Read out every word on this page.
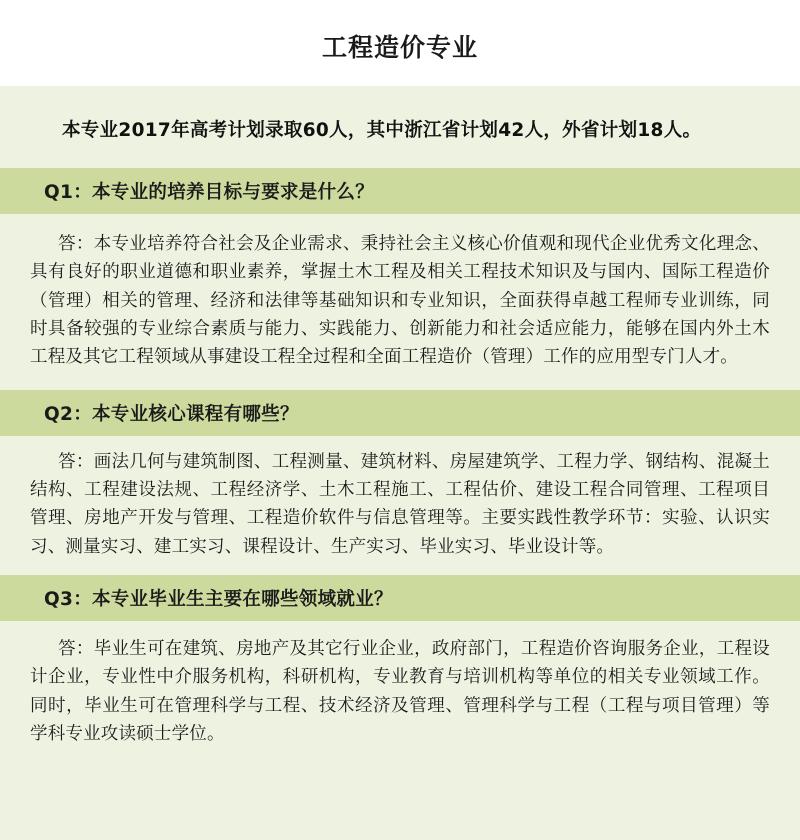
工程造价专业
本专业2017年高考计划录取60人，其中浙江省计划42人，外省计划18人。
Q1：本专业的培养目标与要求是什么？
答：本专业培养符合社会及企业需求、秉持社会主义核心价值观和现代企业优秀文化理念、具有良好的职业道德和职业素养，掌握土木工程及相关工程技术知识及与国内、国际工程造价（管理）相关的管理、经济和法律等基础知识和专业知识，全面获得卓越工程师专业训练，同时具备较强的专业综合素质与能力、实践能力、创新能力和社会适应能力，能够在国内外土木工程及其它工程领域从事建设工程全过程和全面工程造价（管理）工作的应用型专门人才。
Q2：本专业核心课程有哪些？
答：画法几何与建筑制图、工程测量、建筑材料、房屋建筑学、工程力学、钢结构、混凝土结构、工程建设法规、工程经济学、土木工程施工、工程估价、建设工程合同管理、工程项目管理、房地产开发与管理、工程造价软件与信息管理等。主要实践性教学环节：实验、认识实习、测量实习、建工实习、课程设计、生产实习、毕业实习、毕业设计等。
Q3：本专业毕业生主要在哪些领域就业？
答：毕业生可在建筑、房地产及其它行业企业，政府部门，工程造价咨询服务企业，工程设计企业，专业性中介服务机构，科研机构，专业教育与培训机构等单位的相关专业领域工作。同时，毕业生可在管理科学与工程、技术经济及管理、管理科学与工程（工程与项目管理）等学科专业攻读硕士学位。
